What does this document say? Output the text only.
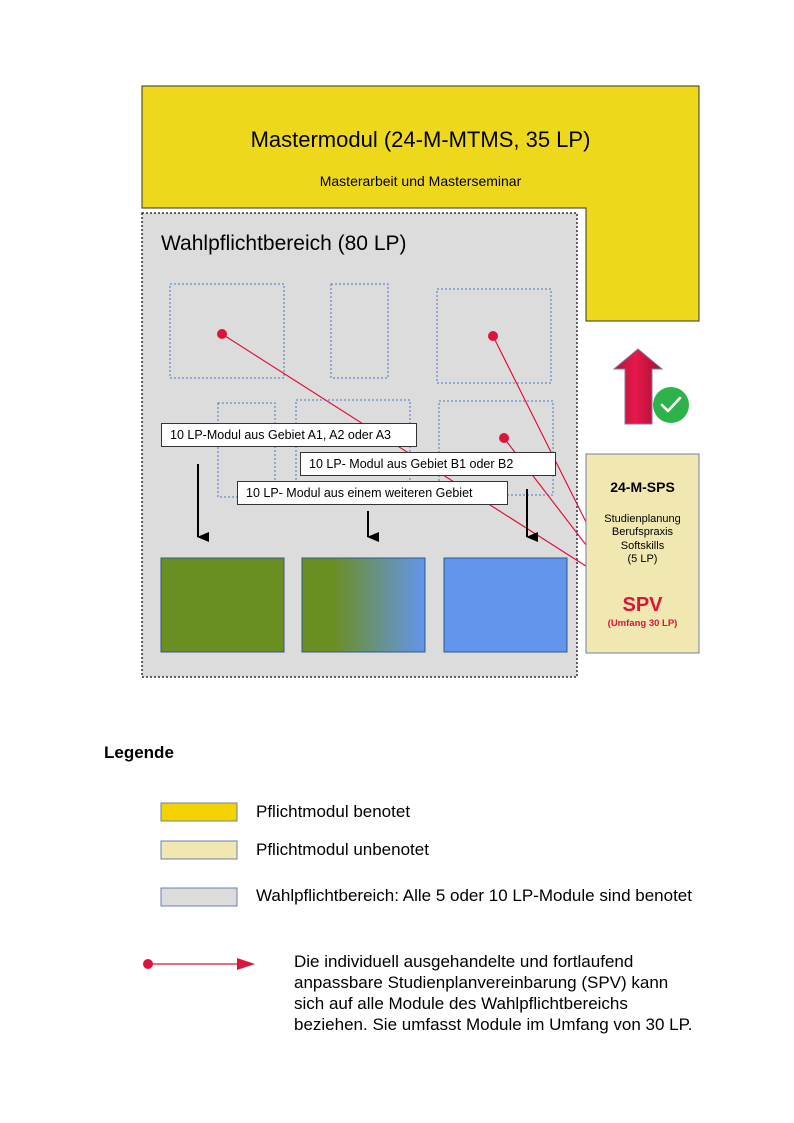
Mastermodul (24-M-MTMS, 35 LP)
Masterarbeit und Masterseminar
Wahlpflichtbereich (80 LP)
10 LP-Modul aus Gebiet A1, A2 oder A3
10 LP- Modul aus Gebiet B1 oder B2
10 LP- Modul aus einem weiteren Gebiet	24-M-SPS
Studienplanung
Berufspraxis
Softskills
(5 LP)
SPV
(Umfang 30 LP)
Legende
Pflichtmodul benotet
Pflichtmodul unbenotet
Wahlpflichtbereich: Alle 5 oder 10 LP-Module sind benotet
Die individuell ausgehandelte und fortlaufend
anpassbare Studienplanvereinbarung (SPV) kann
sich auf alle Module des Wahlpflichtbereichs
beziehen. Sie umfasst Module im Umfang von 30 LP.
